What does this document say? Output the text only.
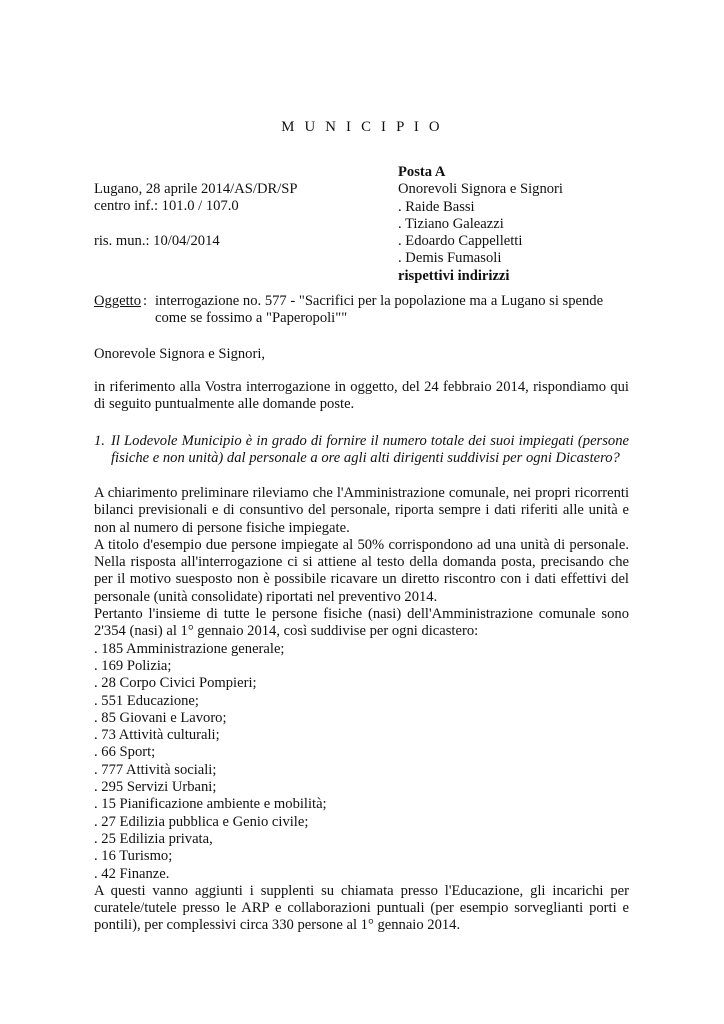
M U N I C I P I O
Lugano, 28 aprile 2014/AS/DR/SP
centro inf.: 101.0 / 107.0
ris. mun.: 10/04/2014
Posta A
Onorevoli Signora e Signori
. Raide Bassi
. Tiziano Galeazzi
. Edoardo Cappelletti
. Demis Fumasoli
rispettivi indirizzi
Oggetto : interrogazione no. 577 - "Sacrifici per la popolazione ma a Lugano si spende come se fossimo a "Paperopoli""
Onorevole Signora e Signori,
in riferimento alla Vostra interrogazione in oggetto, del 24 febbraio 2014, rispondiamo qui di seguito puntualmente alle domande poste.
1. Il Lodevole Municipio è in grado di fornire il numero totale dei suoi impiegati (persone fisiche e non unità) dal personale a ore agli alti dirigenti suddivisi per ogni Dicastero?

A chiarimento preliminare rileviamo che l'Amministrazione comunale, nei propri ricorrenti bilanci previsionali e di consuntivo del personale, riporta sempre i dati riferiti alle unità e non al numero di persone fisiche impiegate.

A titolo d'esempio due persone impiegate al 50% corrispondono ad una unità di personale. Nella risposta all'interrogazione ci si attiene al testo della domanda posta, precisando che per il motivo suesposto non è possibile ricavare un diretto riscontro con i dati effettivi del personale (unità consolidate) riportati nel preventivo 2014.

Pertanto l'insieme di tutte le persone fisiche (nasi) dell'Amministrazione comunale sono 2'354 (nasi) al 1° gennaio 2014, così suddivise per ogni dicastero:

. 185 Amministrazione generale;
. 169 Polizia;
. 28 Corpo Civici Pompieri;
. 551 Educazione;
. 85 Giovani e Lavoro;
. 73 Attività culturali;
. 66 Sport;
. 777 Attività sociali;
. 295 Servizi Urbani;
. 15 Pianificazione ambiente e mobilità;
. 27 Edilizia pubblica e Genio civile;
. 25 Edilizia privata,
. 16 Turismo;
. 42 Finanze.

A questi vanno aggiunti i supplenti su chiamata presso l'Educazione, gli incarichi per curatele/tutele presso le ARP e collaborazioni puntuali (per esempio sorveglianti porti e pontili), per complessivi circa 330 persone al 1° gennaio 2014.
